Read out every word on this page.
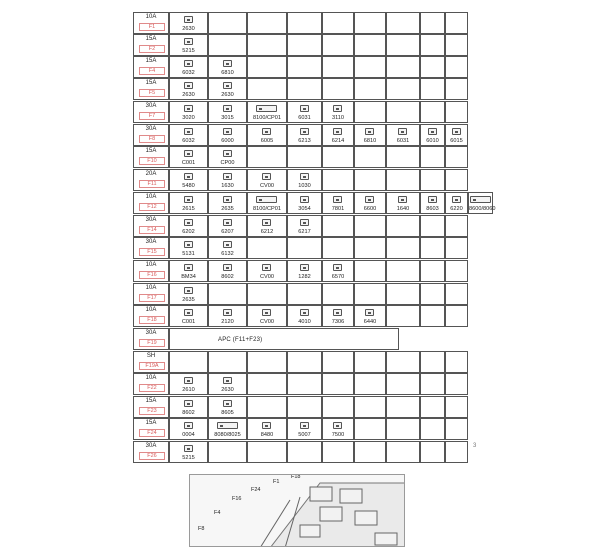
10A
F1	2630
15A
F2	5215
15A
F4	6032	6810
15A
F5	2630	2630
30A
F7	3020	3015	8100/CP01	6031	3110
30A
F8	6032	6000	6005	6213	6214	6810	6031	6010	6015
15A
F10	C001	CP00
20A
F11	5480	1630	CV00	1030
10A
F12	2615	2635	8100/CP01	3054	7801	6600	1640	8603	6220	8600/8060
30A
F14	6202	6207	6212	6217
30A
F15	5131	6132
10A
F16	BM34	8602	CV00	1282	6570
10A
F17	2635
10A
F18	C001	2120	CV00	4010	7306	6440
30A
F19	APC (F11+F23)
SH
F19A
10A
F22	2610	2630
15A
F23	8602	8605
15A
F24	0004	8080/8025	8480	5007	7500
30A
F26	5215
F18
F1
F24
F16
F4
F8
3
